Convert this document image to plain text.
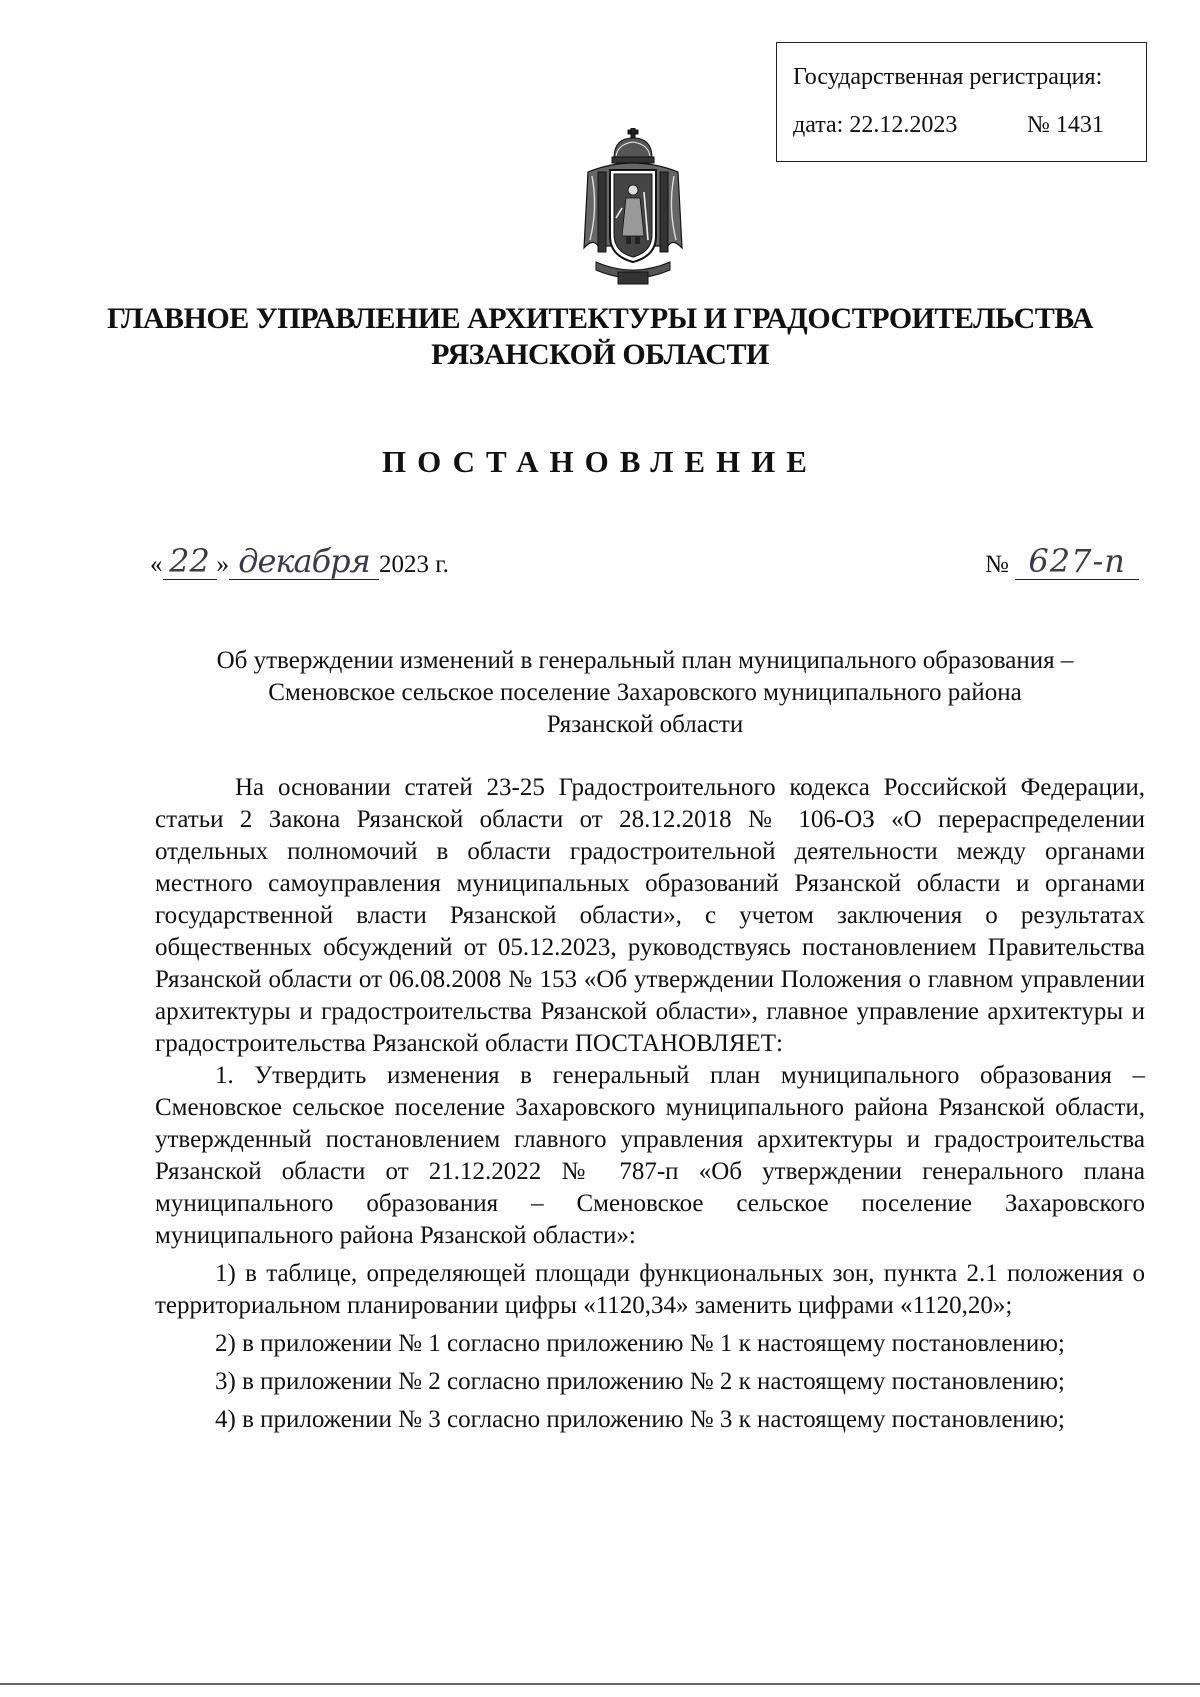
Государственная регистрация:
дата: 22.12.2023	№ 1431
ГЛАВНОЕ УПРАВЛЕНИЕ АРХИТЕКТУРЫ И ГРАДОСТРОИТЕЛЬСТВА
РЯЗАНСКОЙ ОБЛАСТИ
ПОСТАНОВЛЕНИЕ
« 22 » декабря 2023 г.	№ 627-п
Об утверждении изменений в генеральный план муниципального образования –
Сменовское сельское поселение Захаровского муниципального района
Рязанской области

На основании статей 23-25 Градостроительного кодекса Российской Федерации, статьи 2 Закона Рязанской области от 28.12.2018 № 106-ОЗ «О перераспределении отдельных полномочий в области градостроительной деятельности между органами местного самоуправления муниципальных образований Рязанской области и органами государственной власти Рязанской области», с учетом заключения о результатах общественных обсуждений от 05.12.2023, руководствуясь постановлением Правительства Рязанской области от 06.08.2008 № 153 «Об утверждении Положения о главном управлении архитектуры и градостроительства Рязанской области», главное управление архитектуры и градостроительства Рязанской области ПОСТАНОВЛЯЕТ:

1. Утвердить изменения в генеральный план муниципального образования – Сменовское сельское поселение Захаровского муниципального района Рязанской области, утвержденный постановлением главного управления архитектуры и градостроительства Рязанской области от 21.12.2022 № 787-п «Об утверждении генерального плана муниципального образования – Сменовское сельское поселение Захаровского муниципального района Рязанской области»:

1) в таблице, определяющей площади функциональных зон, пункта 2.1 положения о территориальном планировании цифры «1120,34» заменить цифрами «1120,20»;

2) в приложении № 1 согласно приложению № 1 к настоящему постановлению;

3) в приложении № 2 согласно приложению № 2 к настоящему постановлению;

4) в приложении № 3 согласно приложению № 3 к настоящему постановлению;
